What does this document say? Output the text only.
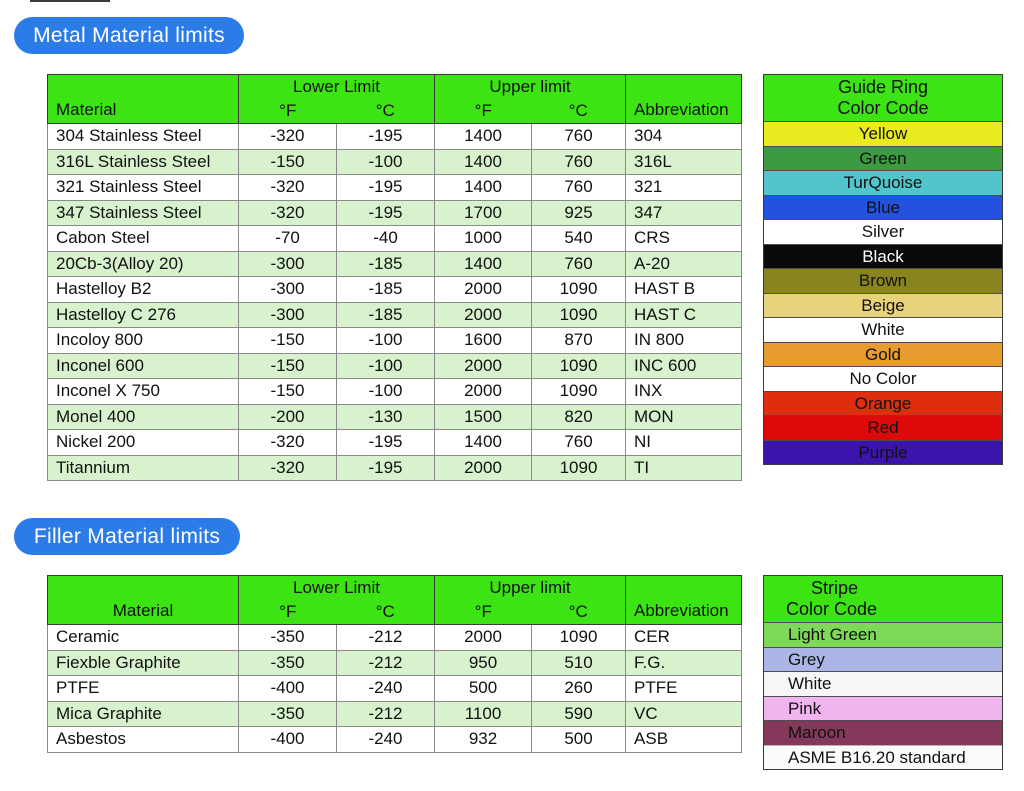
Metal Material limits
Material	Lower Limit		Upper limit		Abbreviation
	°F	°C	°F	°C	
304 Stainless Steel	-320	-195	1400	760	304
316L Stainless Steel	-150	-100	1400	760	316L
321 Stainless Steel	-320	-195	1400	760	321
347 Stainless Steel	-320	-195	1700	925	347
Cabon Steel	-70	-40	1000	540	CRS
20Cb-3(Alloy 20)	-300	-185	1400	760	A-20
Hastelloy B2	-300	-185	2000	1090	HAST B
Hastelloy C 276	-300	-185	2000	1090	HAST C
Incoloy 800	-150	-100	1600	870	IN 800
Inconel 600	-150	-100	2000	1090	INC 600
Inconel X 750	-150	-100	2000	1090	INX
Monel 400	-200	-130	1500	820	MON
Nickel 200	-320	-195	1400	760	NI
Titannium	-320	-195	2000	1090	TI
Guide Ring
Color Code
Yellow
Green
TurQuoise
Blue
Silver
Black
Brown
Beige
White
Gold
No Color
Orange
Red
Purple
Filler Material limits
Material	Lower Limit		Upper limit		Abbreviation
	°F	°C	°F	°C	
Ceramic	-350	-212	2000	1090	CER
Fiexble Graphite	-350	-212	950	510	F.G.
PTFE	-400	-240	500	260	PTFE
Mica Graphite	-350	-212	1100	590	VC
Asbestos	-400	-240	932	500	ASB
Stripe
Color Code
Light Green
Grey
White
Pink
Maroon
ASME B16.20 standard
